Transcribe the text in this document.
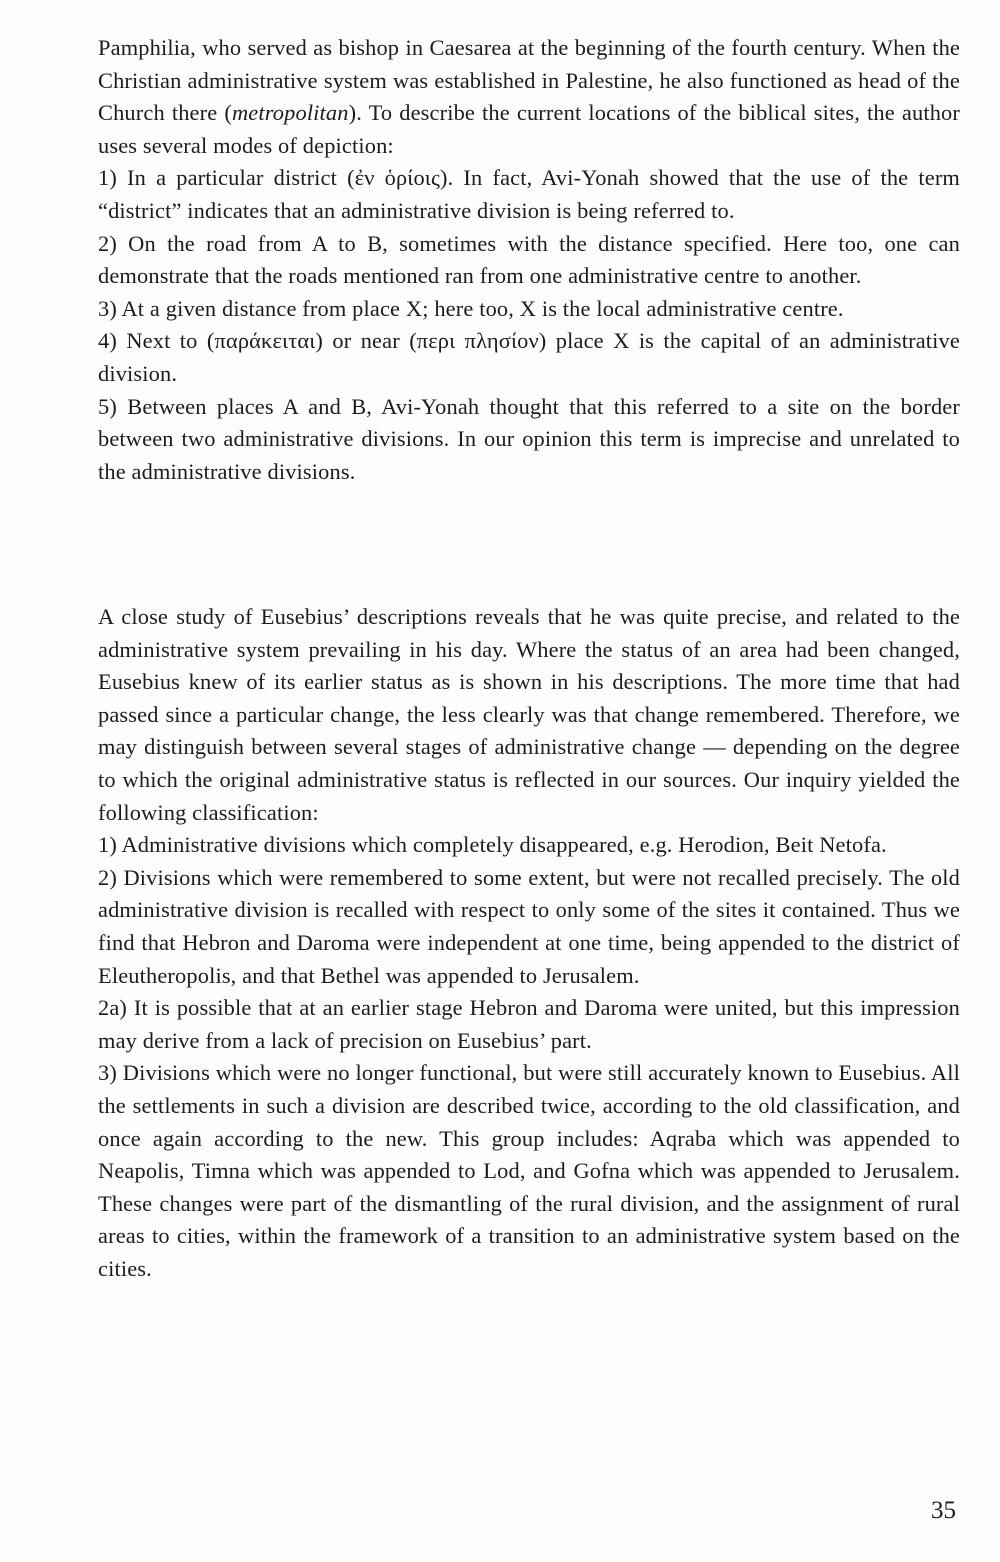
Pamphilia, who served as bishop in Caesarea at the beginning of the fourth century. When the Christian administrative system was established in Palestine, he also functioned as head of the Church there (metropolitan). To describe the current locations of the biblical sites, the author uses several modes of depiction:

1) In a particular district (ἐν ὁρίοις). In fact, Avi-Yonah showed that the use of the term “district” indicates that an administrative division is being referred to.

2) On the road from A to B, sometimes with the distance specified. Here too, one can demonstrate that the roads mentioned ran from one administrative centre to another.

3) At a given distance from place X; here too, X is the local administrative centre.

4) Next to (παράκειται) or near (περι πλησίον) place X is the capital of an administrative division.

5) Between places A and B, Avi-Yonah thought that this referred to a site on the border between two administrative divisions. In our opinion this term is imprecise and unrelated to the administrative divisions.

A close study of Eusebius’ descriptions reveals that he was quite precise, and related to the administrative system prevailing in his day. Where the status of an area had been changed, Eusebius knew of its earlier status as is shown in his descriptions. The more time that had passed since a particular change, the less clearly was that change remembered. Therefore, we may distinguish between several stages of administrative change — depending on the degree to which the original administrative status is reflected in our sources. Our inquiry yielded the following classification:

1) Administrative divisions which completely disappeared, e.g. Herodion, Beit Netofa.

2) Divisions which were remembered to some extent, but were not recalled precisely. The old administrative division is recalled with respect to only some of the sites it contained. Thus we find that Hebron and Daroma were independent at one time, being appended to the district of Eleutheropolis, and that Bethel was appended to Jerusalem.

2a) It is possible that at an earlier stage Hebron and Daroma were united, but this impression may derive from a lack of precision on Eusebius’ part.

3) Divisions which were no longer functional, but were still accurately known to Eusebius. All the settlements in such a division are described twice, according to the old classification, and once again according to the new. This group includes: Aqraba which was appended to Neapolis, Timna which was appended to Lod, and Gofna which was appended to Jerusalem. These changes were part of the dismantling of the rural division, and the assignment of rural areas to cities, within the framework of a transition to an administrative system based on the cities.

35
